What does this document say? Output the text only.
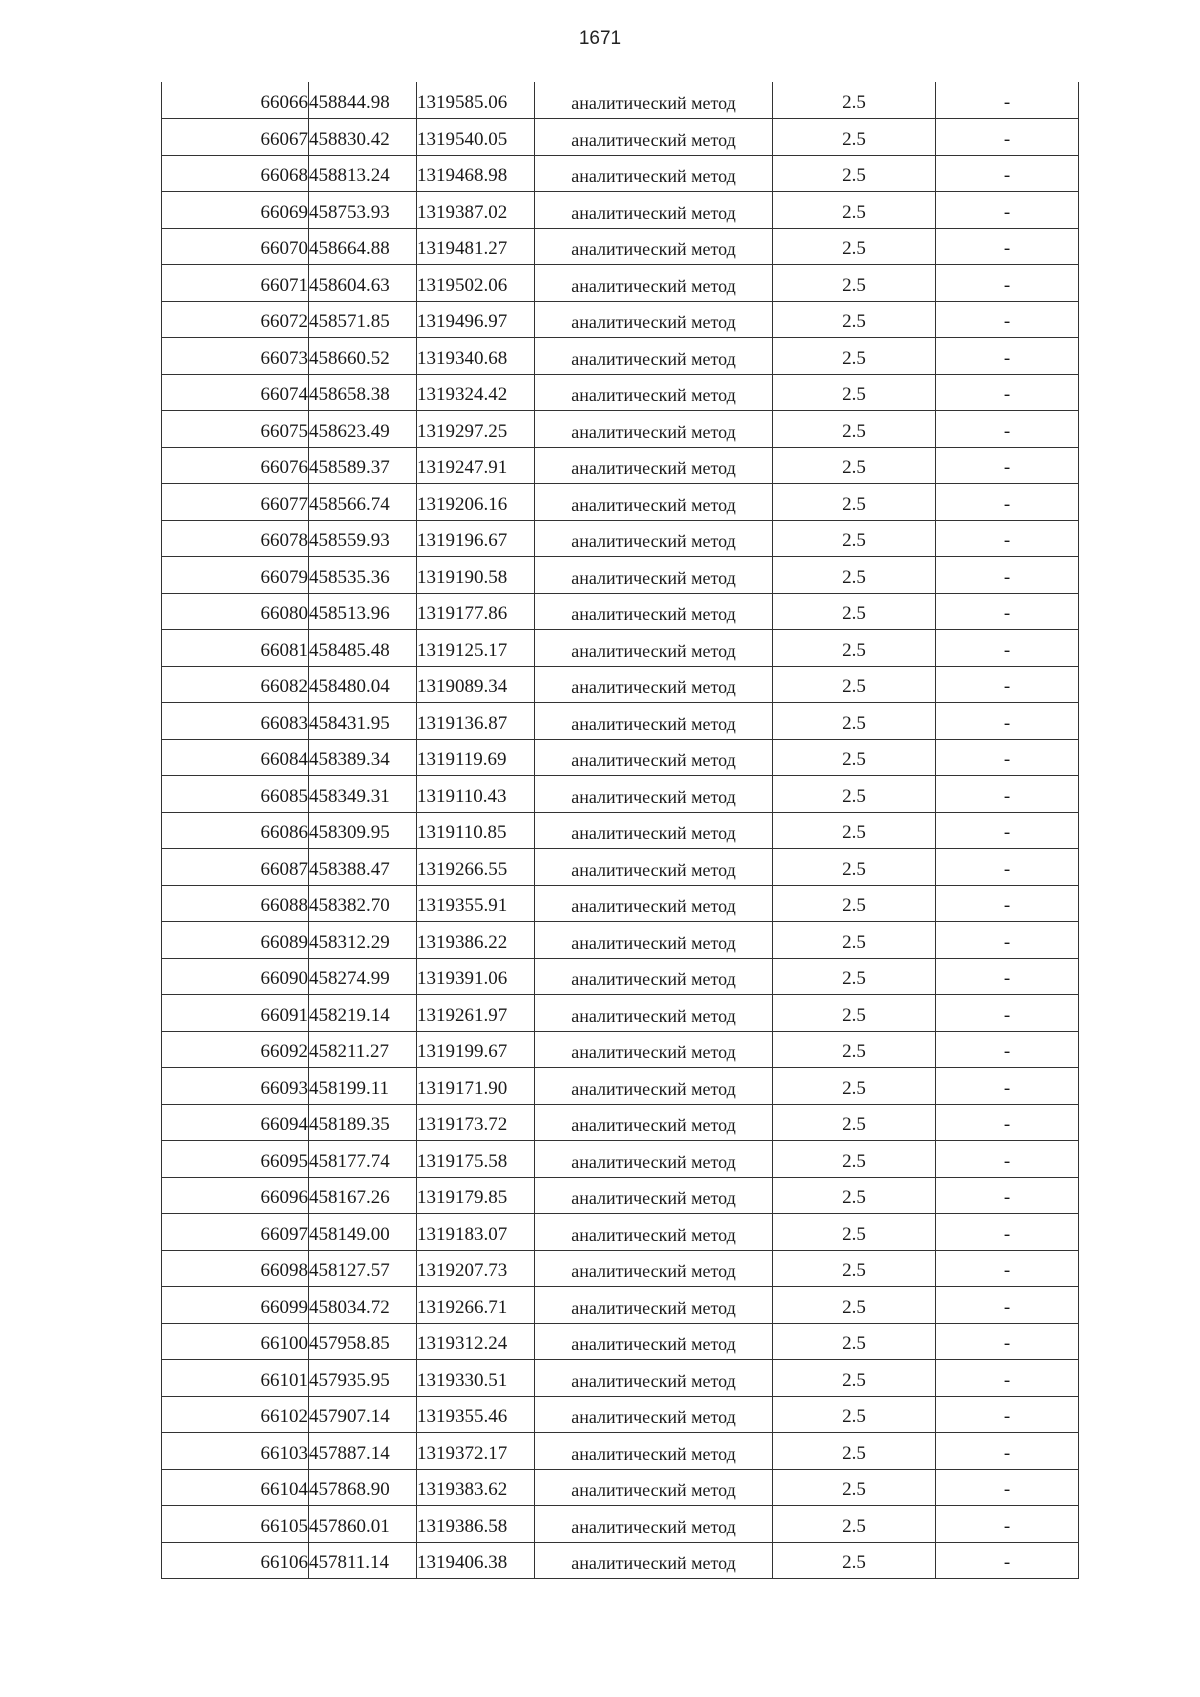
1671
66066	458844.98	1319585.06	аналитический метод	2.5	-
66067	458830.42	1319540.05	аналитический метод	2.5	-
66068	458813.24	1319468.98	аналитический метод	2.5	-
66069	458753.93	1319387.02	аналитический метод	2.5	-
66070	458664.88	1319481.27	аналитический метод	2.5	-
66071	458604.63	1319502.06	аналитический метод	2.5	-
66072	458571.85	1319496.97	аналитический метод	2.5	-
66073	458660.52	1319340.68	аналитический метод	2.5	-
66074	458658.38	1319324.42	аналитический метод	2.5	-
66075	458623.49	1319297.25	аналитический метод	2.5	-
66076	458589.37	1319247.91	аналитический метод	2.5	-
66077	458566.74	1319206.16	аналитический метод	2.5	-
66078	458559.93	1319196.67	аналитический метод	2.5	-
66079	458535.36	1319190.58	аналитический метод	2.5	-
66080	458513.96	1319177.86	аналитический метод	2.5	-
66081	458485.48	1319125.17	аналитический метод	2.5	-
66082	458480.04	1319089.34	аналитический метод	2.5	-
66083	458431.95	1319136.87	аналитический метод	2.5	-
66084	458389.34	1319119.69	аналитический метод	2.5	-
66085	458349.31	1319110.43	аналитический метод	2.5	-
66086	458309.95	1319110.85	аналитический метод	2.5	-
66087	458388.47	1319266.55	аналитический метод	2.5	-
66088	458382.70	1319355.91	аналитический метод	2.5	-
66089	458312.29	1319386.22	аналитический метод	2.5	-
66090	458274.99	1319391.06	аналитический метод	2.5	-
66091	458219.14	1319261.97	аналитический метод	2.5	-
66092	458211.27	1319199.67	аналитический метод	2.5	-
66093	458199.11	1319171.90	аналитический метод	2.5	-
66094	458189.35	1319173.72	аналитический метод	2.5	-
66095	458177.74	1319175.58	аналитический метод	2.5	-
66096	458167.26	1319179.85	аналитический метод	2.5	-
66097	458149.00	1319183.07	аналитический метод	2.5	-
66098	458127.57	1319207.73	аналитический метод	2.5	-
66099	458034.72	1319266.71	аналитический метод	2.5	-
66100	457958.85	1319312.24	аналитический метод	2.5	-
66101	457935.95	1319330.51	аналитический метод	2.5	-
66102	457907.14	1319355.46	аналитический метод	2.5	-
66103	457887.14	1319372.17	аналитический метод	2.5	-
66104	457868.90	1319383.62	аналитический метод	2.5	-
66105	457860.01	1319386.58	аналитический метод	2.5	-
66106	457811.14	1319406.38	аналитический метод	2.5	-
